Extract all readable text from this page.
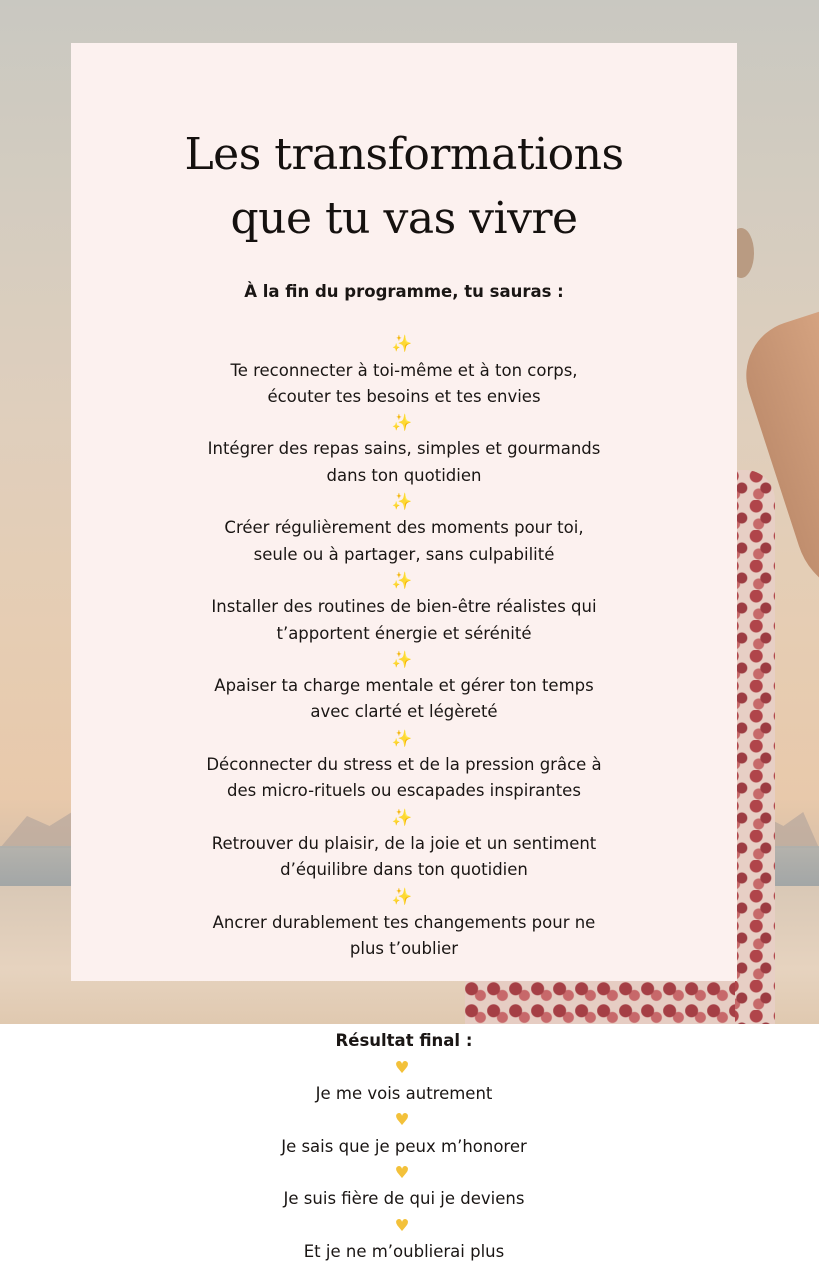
Les transformations
que tu vas vivre

À la fin du programme, tu sauras :

✨
Te reconnecter à toi-même et à ton corps,
écouter tes besoins et tes envies
✨
Intégrer des repas sains, simples et gourmands
dans ton quotidien
✨
Créer régulièrement des moments pour toi,
seule ou à partager, sans culpabilité
✨
Installer des routines de bien-être réalistes qui
t’apportent énergie et sérénité
✨
Apaiser ta charge mentale et gérer ton temps
avec clarté et légèreté
✨
Déconnecter du stress et de la pression grâce à
des micro-rituels ou escapades inspirantes
✨
Retrouver du plaisir, de la joie et un sentiment
d’équilibre dans ton quotidien
✨
Ancrer durablement tes changements pour ne
plus t’oublier

Résultat final :

♥
Je me vois autrement
♥
Je sais que je peux m’honorer
♥
Je suis fière de qui je deviens
♥
Et je ne m’oublierai plus
